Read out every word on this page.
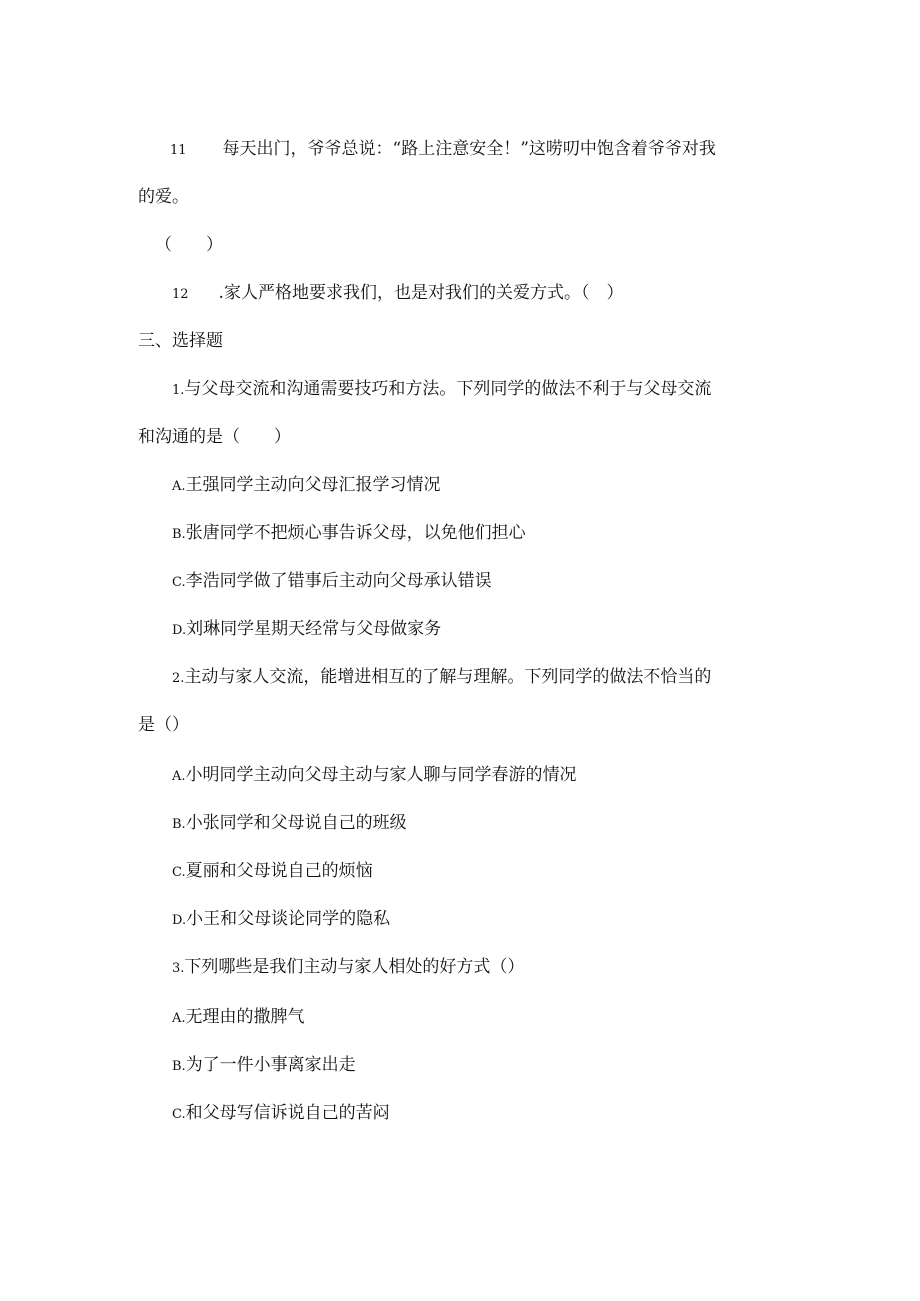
11 每天出门，爷爷总说：“路上注意安全！”这唠叨中饱含着爷爷对我
的爱。
（　　）
12 .家人严格地要求我们，也是对我们的关爱方式。（　）
三、选择题
1.与父母交流和沟通需要技巧和方法。下列同学的做法不利于与父母交流
和沟通的是（　　）
A.王强同学主动向父母汇报学习情况
B.张唐同学不把烦心事告诉父母，以免他们担心
C.李浩同学做了错事后主动向父母承认错误
D.刘琳同学星期天经常与父母做家务
2.主动与家人交流，能增进相互的了解与理解。下列同学的做法不恰当的
是（）
A.小明同学主动向父母主动与家人聊与同学春游的情况
B.小张同学和父母说自己的班级
C.夏丽和父母说自己的烦恼
D.小王和父母谈论同学的隐私
3.下列哪些是我们主动与家人相处的好方式（）
A.无理由的撒脾气
B.为了一件小事离家出走
C.和父母写信诉说自己的苦闷
